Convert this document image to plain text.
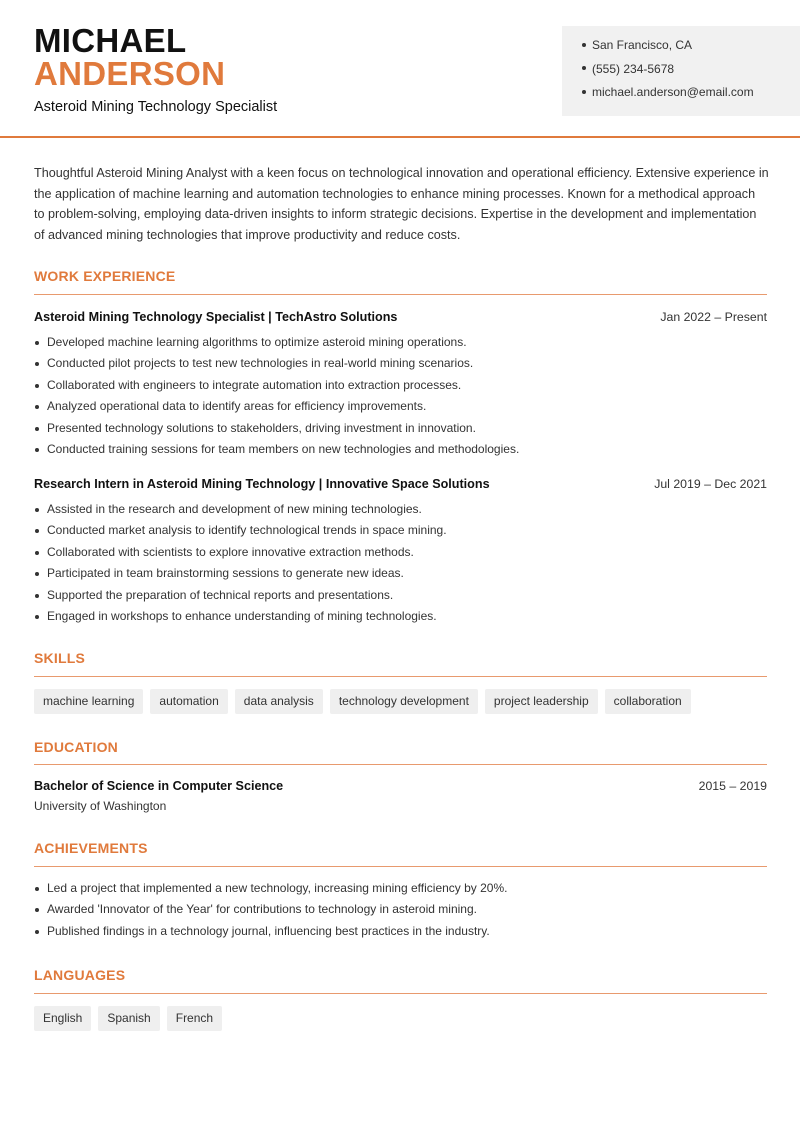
MICHAEL
ANDERSON
Asteroid Mining Technology Specialist
San Francisco, CA
(555) 234-5678
michael.anderson@email.com

Thoughtful Asteroid Mining Analyst with a keen focus on technological innovation and operational efficiency. Extensive experience in the application of machine learning and automation technologies to enhance mining processes. Known for a methodical approach to problem-solving, employing data-driven insights to inform strategic decisions. Expertise in the development and implementation of advanced mining technologies that improve productivity and reduce costs.

WORK EXPERIENCE
Asteroid Mining Technology Specialist | TechAstro Solutions	Jan 2022 – Present
Developed machine learning algorithms to optimize asteroid mining operations.
Conducted pilot projects to test new technologies in real-world mining scenarios.
Collaborated with engineers to integrate automation into extraction processes.
Analyzed operational data to identify areas for efficiency improvements.
Presented technology solutions to stakeholders, driving investment in innovation.
Conducted training sessions for team members on new technologies and methodologies.
Research Intern in Asteroid Mining Technology | Innovative Space Solutions	Jul 2019 – Dec 2021
Assisted in the research and development of new mining technologies.
Conducted market analysis to identify technological trends in space mining.
Collaborated with scientists to explore innovative extraction methods.
Participated in team brainstorming sessions to generate new ideas.
Supported the preparation of technical reports and presentations.
Engaged in workshops to enhance understanding of mining technologies.
SKILLS
machine learning	automation	data analysis	technology development	project leadership	collaboration
EDUCATION
Bachelor of Science in Computer Science	2015 – 2019
University of Washington
ACHIEVEMENTS
Led a project that implemented a new technology, increasing mining efficiency by 20%.
Awarded 'Innovator of the Year' for contributions to technology in asteroid mining.
Published findings in a technology journal, influencing best practices in the industry.
LANGUAGES
English	Spanish	French
